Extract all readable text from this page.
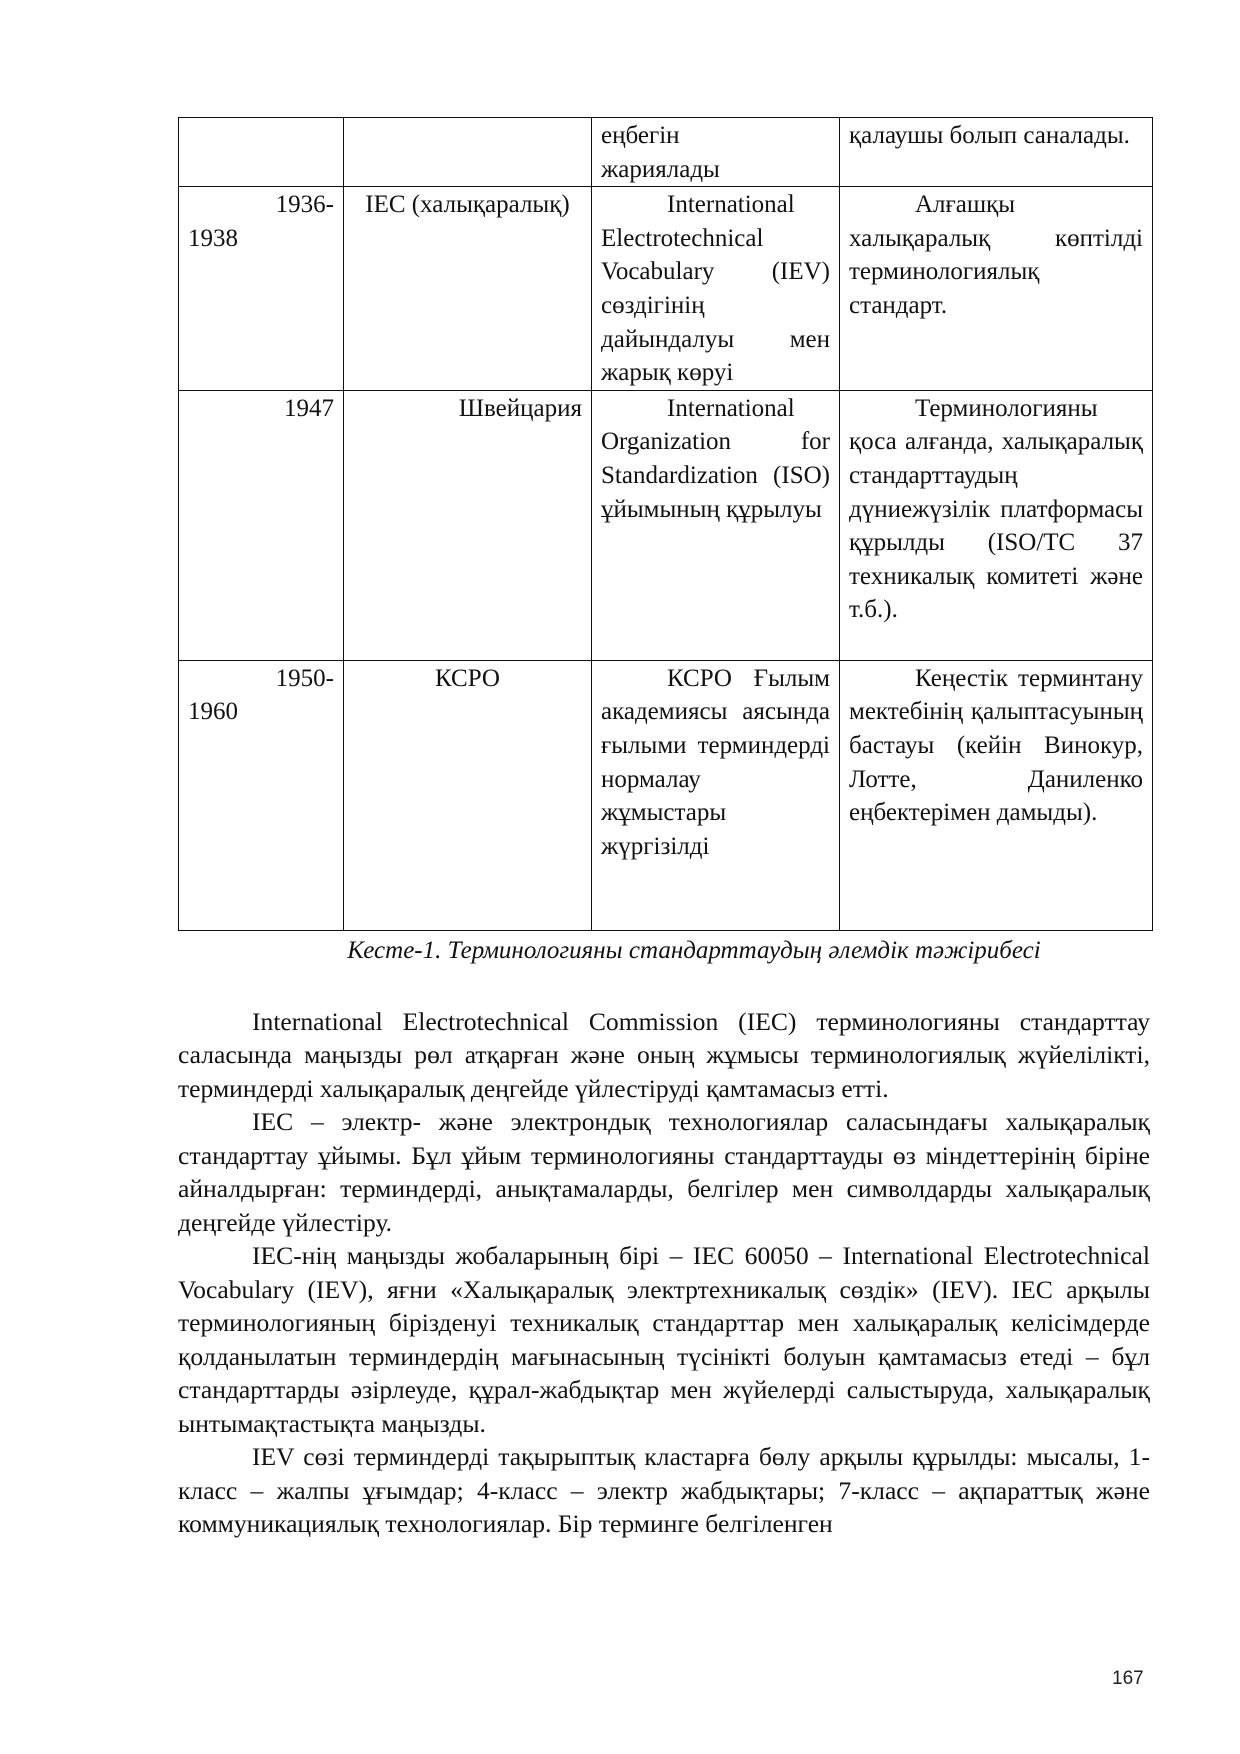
		еңбегін жариялады	қалаушы болып саналады.

1936-
1938	IEC (халықаралық)	International Electrotechnical Vocabulary (IEV) сөздігінің дайындалуы мен жарық көруі	Алғашқы халықаралық көптілді терминологиялық стандарт.

1947	Швейцария	International Organization for Standardization (ISO) ұйымының құрылуы	Терминологияны қоса алғанда, халықаралық стандарттаудың дүниежүзілік платформасы құрылды (ISO/TC 37 техникалық комитеті және т.б.).

1950-
1960	КСРО	КСРО Ғылым академиясы аясында ғылыми терминдерді нормалау жұмыстары жүргізілді	Кеңестік терминтану мектебінің қалыптасуының бастауы (кейін Винокур, Лотте, Даниленко еңбектерімен дамыды).

Кесте-1. Терминологияны стандарттаудың әлемдік тәжірибесі

International Electrotechnical Commission (IEC) терминологияны стандарттау саласында маңызды рөл атқарған және оның жұмысы терминологиялық жүйелілікті, терминдерді халықаралық деңгейде үйлестіруді қамтамасыз етті.

IEC – электр- және электрондық технологиялар саласындағы халықаралық стандарттау ұйымы. Бұл ұйым терминологияны стандарттауды өз міндеттерінің біріне айналдырған: терминдерді, анықтамаларды, белгілер мен символдарды халықаралық деңгейде үйлестіру.

IEC-нің маңызды жобаларының бірі – IEC 60050 – International Electrotechnical Vocabulary (IEV), яғни «Халықаралық электртехникалық сөздік» (IEV). IEC арқылы терминологияның бірізденуі техникалық стандарттар мен халықаралық келісімдерде қолданылатын терминдердің мағынасының түсінікті болуын қамтамасыз етеді – бұл стандарттарды әзірлеуде, құрал-жабдықтар мен жүйелерді салыстыруда, халықаралық ынтымақтастықта маңызды.

IEV сөзі терминдерді тақырыптық кластарға бөлу арқылы құрылды: мысалы, 1-класс – жалпы ұғымдар; 4-класс – электр жабдықтары; 7-класс – ақпараттық және коммуникациялық технологиялар. Бір терминге белгіленген

167
